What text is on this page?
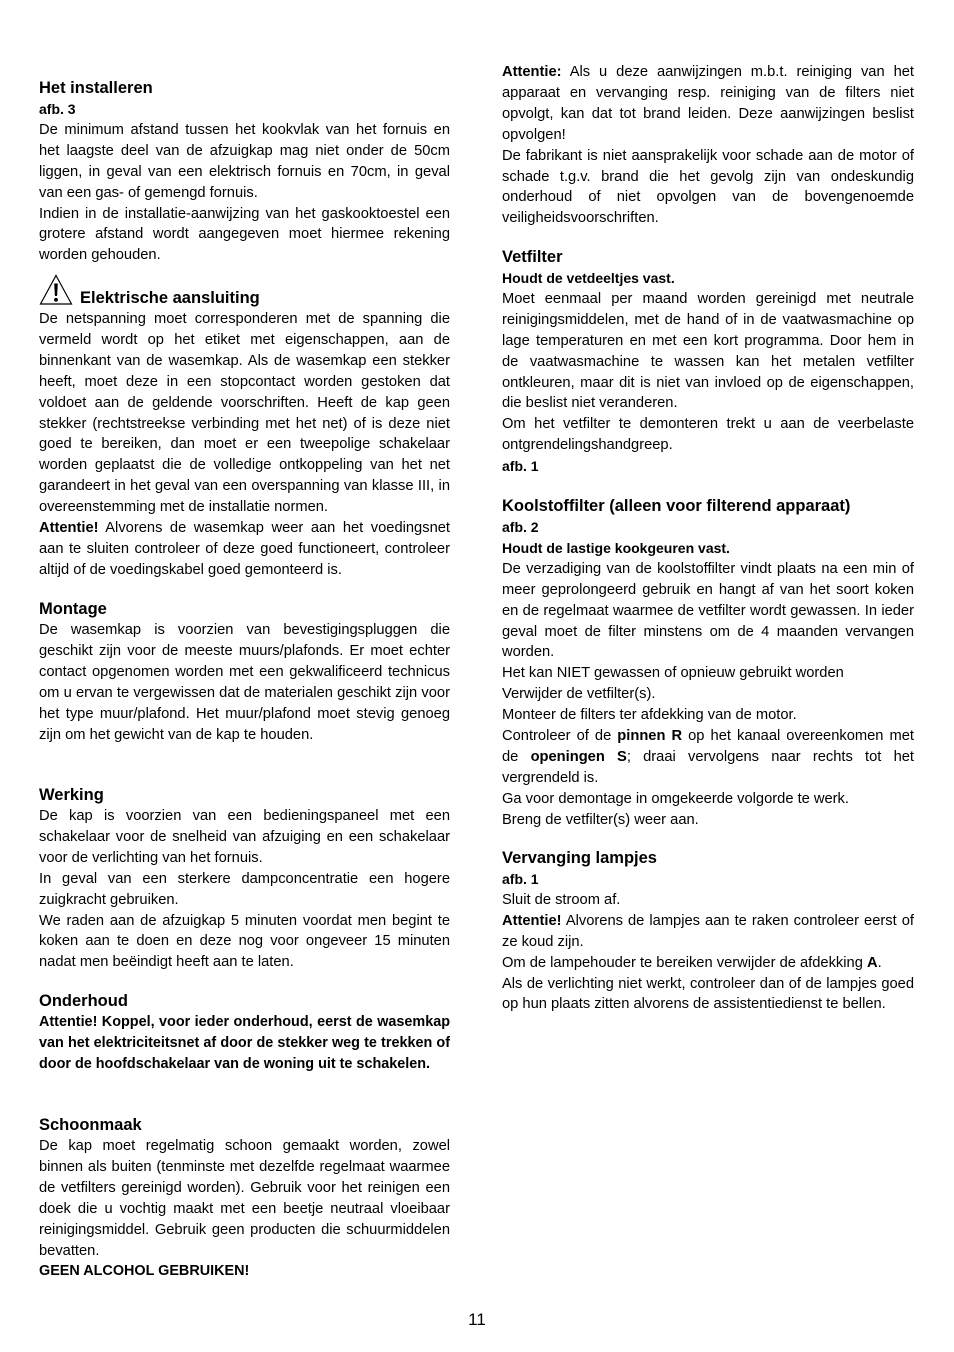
Het installeren
afb. 3

De minimum afstand tussen het kookvlak van het fornuis en het laagste deel van de afzuigkap mag niet onder de 50cm liggen, in geval van een elektrisch fornuis en 70cm, in geval van een gas- of gemengd fornuis.

Indien in de installatie-aanwijzing van het gaskooktoestel een grotere afstand wordt aangegeven moet hiermee rekening worden gehouden.

Elektrische aansluiting

De netspanning moet corresponderen met de spanning die vermeld wordt op het etiket met eigenschappen, aan de binnenkant van de wasemkap. Als de wasemkap een stekker heeft, moet deze in een stopcontact worden gestoken dat voldoet aan de geldende voorschriften. Heeft de kap geen stekker (rechtstreekse verbinding met het net) of is deze niet goed te bereiken, dan moet er een tweepolige schakelaar worden geplaatst die de volledige ontkoppeling van het net garandeert in het geval van een overspanning van klasse III, in overeenstemming met de installatie normen.

Attentie! Alvorens de wasemkap weer aan het voedingsnet aan te sluiten controleer of deze goed functioneert, controleer altijd of de voedingskabel goed gemonteerd is.

Montage

De wasemkap is voorzien van bevestigingspluggen die geschikt zijn voor de meeste muurs/plafonds. Er moet echter contact opgenomen worden met een gekwalificeerd technicus om u ervan te vergewissen dat de materialen geschikt zijn voor het type muur/plafond. Het muur/plafond moet stevig genoeg zijn om het gewicht van de kap te houden.

Werking

De kap is voorzien van een bedieningspaneel met een schakelaar voor de snelheid van afzuiging en een schakelaar voor de verlichting van het fornuis.

In geval van een sterkere dampconcentratie een hogere zuigkracht gebruiken.

We raden aan de afzuigkap 5 minuten voordat men begint te koken aan te doen en deze nog voor ongeveer 15 minuten nadat men beëindigt heeft aan te laten.

Onderhoud

Attentie! Koppel, voor ieder onderhoud, eerst de wasemkap van het elektriciteitsnet af door de stekker weg te trekken of door de hoofdschakelaar van de woning uit te schakelen.

Schoonmaak

De kap moet regelmatig schoon gemaakt worden, zowel binnen als buiten (tenminste met dezelfde regelmaat waarmee de vetfilters gereinigd worden). Gebruik voor het reinigen een doek die u vochtig maakt met een beetje neutraal vloeibaar reinigingsmiddel. Gebruik geen producten die schuurmiddelen bevatten.

GEEN ALCOHOL GEBRUIKEN!

Attentie: Als u deze aanwijzingen m.b.t. reiniging van het apparaat en vervanging resp. reiniging van de filters niet opvolgt, kan dat tot brand leiden. Deze aanwijzingen beslist opvolgen!

De fabrikant is niet aansprakelijk voor schade aan de motor of schade t.g.v. brand die het gevolg zijn van ondeskundig onderhoud of niet opvolgen van de bovengenoemde veiligheidsvoorschriften.

Vetfilter
Houdt de vetdeeltjes vast.

Moet eenmaal per maand worden gereinigd met neutrale reinigingsmiddelen, met de hand of in de vaatwasmachine op lage temperaturen en met een kort programma. Door hem in de vaatwasmachine te wassen kan het metalen vetfilter ontkleuren, maar dit is niet van invloed op de eigenschappen, die beslist niet veranderen.

Om het vetfilter te demonteren trekt u aan de veerbelaste ontgrendelingshandgreep.

afb. 1
Koolstoffilter (alleen voor filterend apparaat)
afb. 2
Houdt de lastige kookgeuren vast.

De verzadiging van de koolstoffilter vindt plaats na een min of meer geprolongeerd gebruik en hangt af van het soort koken en de regelmaat waarmee de vetfilter wordt gewassen. In ieder geval moet de filter minstens om de 4 maanden vervangen worden.

Het kan NIET gewassen of opnieuw gebruikt worden

Verwijder de vetfilter(s).

Monteer de filters ter afdekking van de motor.

Controleer of de pinnen R op het kanaal overeenkomen met de openingen S; draai vervolgens naar rechts tot het vergrendeld is.

Ga voor demontage in omgekeerde volgorde te werk.

Breng de vetfilter(s) weer aan.

Vervanging lampjes
afb. 1

Sluit de stroom af.

Attentie! Alvorens de lampjes aan te raken controleer eerst of ze koud zijn.

Om de lampehouder te bereiken verwijder de afdekking A.

Als de verlichting niet werkt, controleer dan of de lampjes goed op hun plaats zitten alvorens de assistentiedienst te bellen.

11
